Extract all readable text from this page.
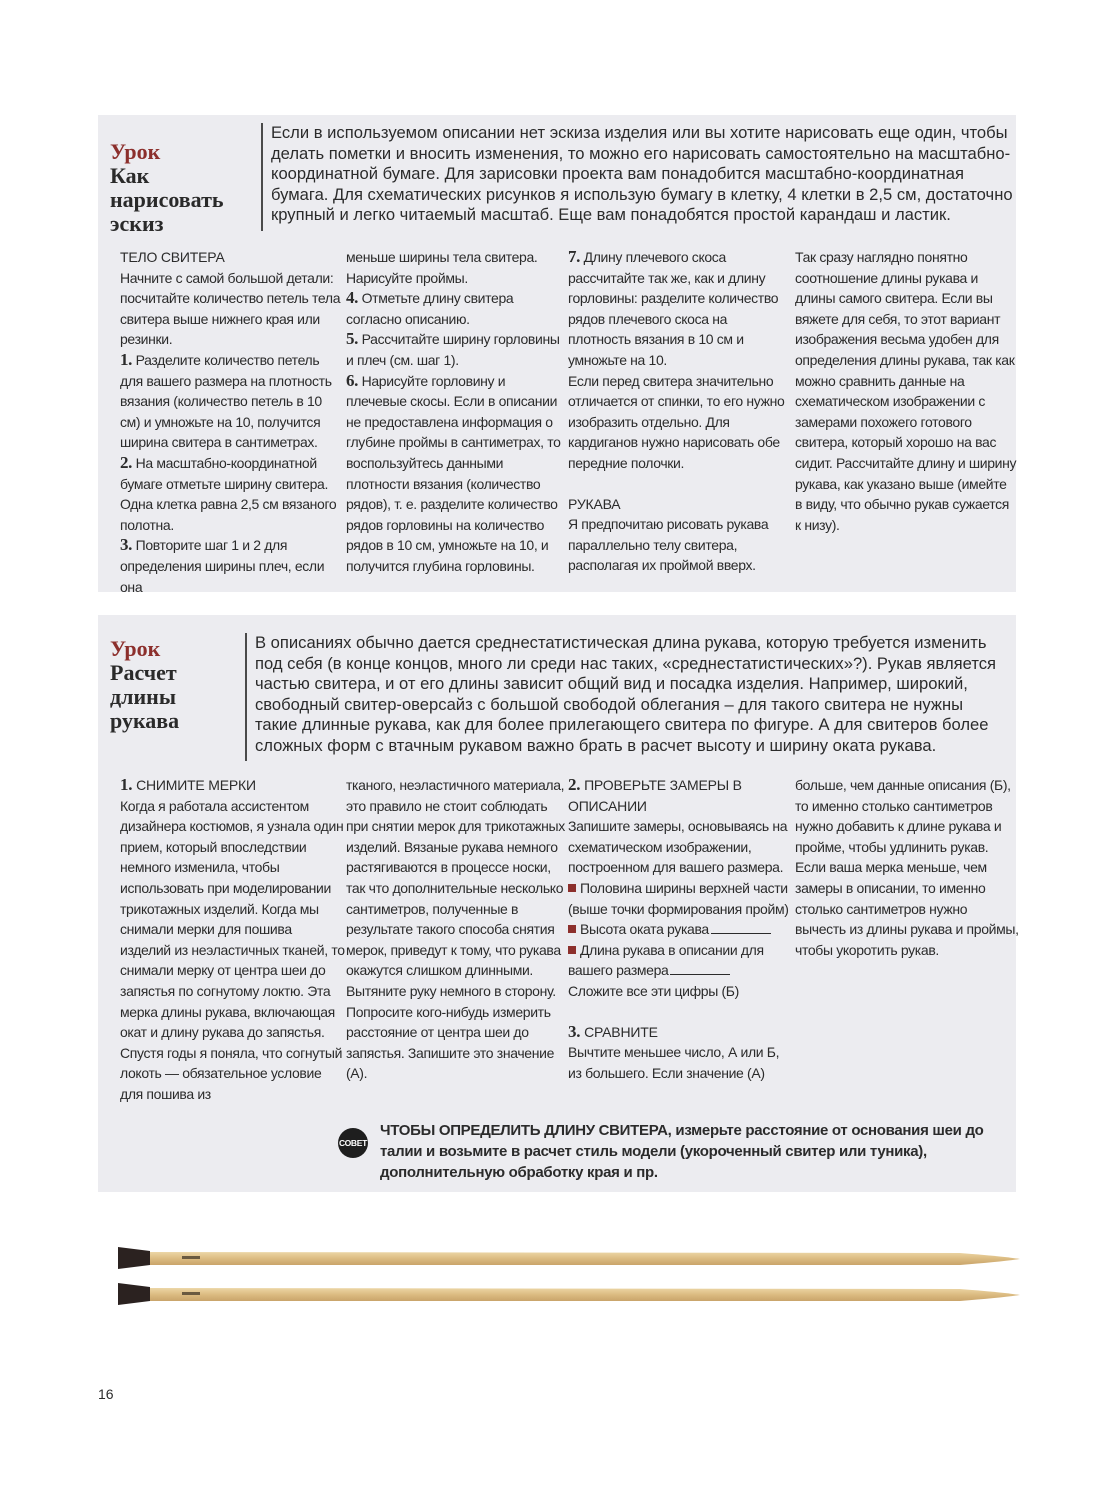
Урок
Как нарисовать эскиз
Если в используемом описании нет эскиза изделия или вы хотите нарисовать еще один, чтобы делать пометки и вносить изменения, то можно его нарисовать самостоятельно на масштабно-координатной бумаге. Для зарисовки проекта вам понадобится масштабно-координатная бумага. Для схематических рисунков я использую бумагу в клетку, 4 клетки в 2,5 см, достаточно крупный и легко читаемый масштаб. Еще вам понадобятся простой карандаш и ластик.
ТЕЛО СВИТЕРА
Начните с самой большой детали: посчитайте количество петель тела свитера выше нижнего края или резинки.
1. Разделите количество петель для вашего размера на плотность вязания (количество петель в 10 см) и умножьте на 10, получится ширина свитера в сантиметрах.
2. На масштабно-координатной бумаге отметьте ширину свитера. Одна клетка равна 2,5 см вязаного полотна.
3. Повторите шаг 1 и 2 для определения ширины плеч, если она
меньше ширины тела свитера. Нарисуйте проймы.
4. Отметьте длину свитера согласно описанию.
5. Рассчитайте ширину горловины и плеч (см. шаг 1).
6. Нарисуйте горловину и плечевые скосы. Если в описании не предоставлена информация о глубине проймы в сантиметрах, то воспользуйтесь данными плотности вязания (количество рядов), т. е. разделите количество рядов горловины на количество рядов в 10 см, умножьте на 10, и получится глубина горловины.
7. Длину плечевого скоса рассчитайте так же, как и длину горловины: разделите количество рядов плечевого скоса на плотность вязания в 10 см и умножьте на 10.
Если перед свитера значительно отличается от спинки, то его нужно изобразить отдельно. Для кардиганов нужно нарисовать обе передние полочки.
РУКАВА
Я предпочитаю рисовать рукава параллельно телу свитера, располагая их проймой вверх.
Так сразу наглядно понятно соотношение длины рукава и длины самого свитера. Если вы вяжете для себя, то этот вариант изображения весьма удобен для определения длины рукава, так как можно сравнить данные на схематическом изображении с замерами похожего готового свитера, который хорошо на вас сидит. Рассчитайте длину и ширину рукава, как указано выше (имейте в виду, что обычно рукав сужается к низу).
Урок
Расчет длины рукава
В описаниях обычно дается среднестатистическая длина рукава, которую требуется изменить под себя (в конце концов, много ли среди нас таких, «среднестатистических»?). Рукав является частью свитера, и от его длины зависит общий вид и посадка изделия. Например, широкий, свободный свитер-оверсайз с большой свободой облегания – для такого свитера не нужны такие длинные рукава, как для более прилегающего свитера по фигуре. А для свитеров более сложных форм с втачным рукавом важно брать в расчет высоту и ширину оката рукава.
1. СНИМИТЕ МЕРКИ
Когда я работала ассистентом дизайнера костюмов, я узнала один прием, который впоследствии немного изменила, чтобы использовать при моделировании трикотажных изделий. Когда мы снимали мерки для пошива изделий из неэластичных тканей, то снимали мерку от центра шеи до запястья по согнутому локтю. Эта мерка длины рукава, включающая окат и длину рукава до запястья. Спустя годы я поняла, что согнутый локоть — обязательное условие для пошива из
тканого, неэластичного материала, это правило не стоит соблюдать при снятии мерок для трикотажных изделий. Вязаные рукава немного растягиваются в процессе носки, так что дополнительные несколько сантиметров, полученные в результате такого способа снятия мерок, приведут к тому, что рукава окажутся слишком длинными. Вытяните руку немного в сторону. Попросите кого-нибудь измерить расстояние от центра шеи до запястья. Запишите это значение (А).
2. ПРОВЕРЬТЕ ЗАМЕРЫ В ОПИСАНИИ
Запишите замеры, основываясь на схематическом изображении, построенном для вашего размера.
Половина ширины верхней части (выше точки формирования пройм)
Высота оката рукава
Длина рукава в описании для вашего размера
Сложите все эти цифры (Б)
3. СРАВНИТЕ
Вычтите меньшее число, А или Б, из большего. Если значение (А)
больше, чем данные описания (Б), то именно столько сантиметров нужно добавить к длине рукава и пройме, чтобы удлинить рукав.
Если ваша мерка меньше, чем замеры в описании, то именно столько сантиметров нужно вычесть из длины рукава и проймы, чтобы укоротить рукав.
СОВЕТ
ЧТОБЫ ОПРЕДЕЛИТЬ ДЛИНУ СВИТЕРА, измерьте расстояние от основания шеи до талии и возьмите в расчет стиль модели (укороченный свитер или туника), дополнительную обработку края и пр.
16
